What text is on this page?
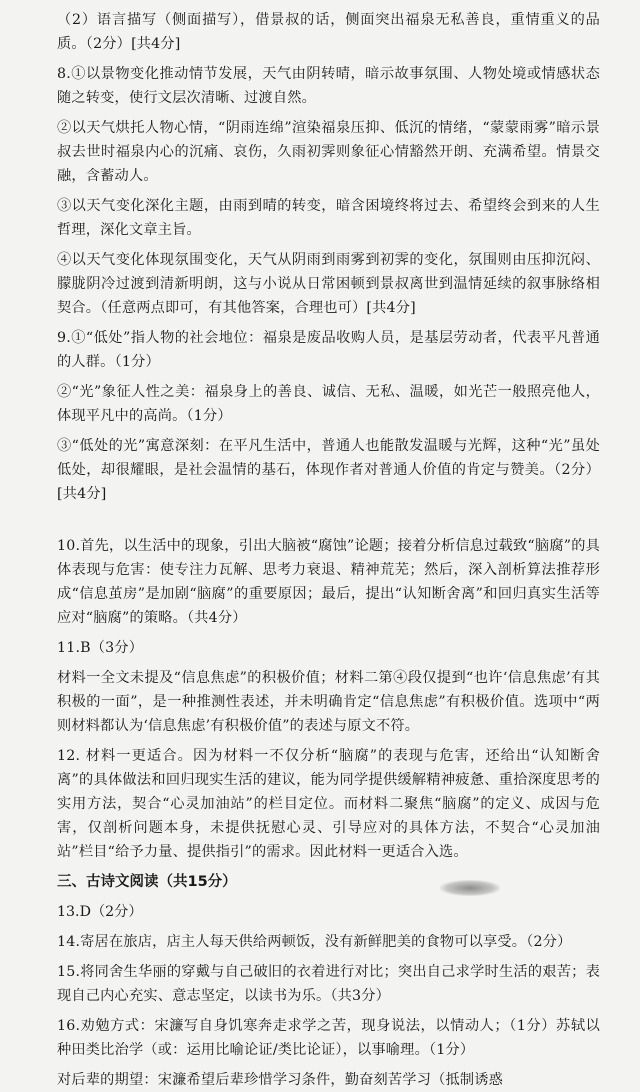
（2）语言描写（侧面描写），借景叔的话，侧面突出福泉无私善良，重情重义的品质。（2分）[共4分]

8.①以景物变化推动情节发展，天气由阴转晴，暗示故事氛围、人物处境或情感状态随之转变，使行文层次清晰、过渡自然。

②以天气烘托人物心情，“阴雨连绵”渲染福泉压抑、低沉的情绪，“蒙蒙雨雾”暗示景叔去世时福泉内心的沉痛、哀伤，久雨初霁则象征心情豁然开朗、充满希望。情景交融，含蓄动人。

③以天气变化深化主题，由雨到晴的转变，暗含困境终将过去、希望终会到来的人生哲理，深化文章主旨。

④以天气变化体现氛围变化，天气从阴雨到雨雾到初霁的变化，氛围则由压抑沉闷、朦胧阴冷过渡到清新明朗，这与小说从日常困顿到景叔离世到温情延续的叙事脉络相契合。（任意两点即可，有其他答案，合理也可）[共4分]

9.①“低处”指人物的社会地位：福泉是废品收购人员，是基层劳动者，代表平凡普通的人群。（1分）

②“光”象征人性之美：福泉身上的善良、诚信、无私、温暖，如光芒一般照亮他人，体现平凡中的高尚。（1分）

③“低处的光”寓意深刻：在平凡生活中，普通人也能散发温暖与光辉，这种“光”虽处低处，却很耀眼，是社会温情的基石，体现作者对普通人价值的肯定与赞美。（2分）[共4分]

10.首先，以生活中的现象，引出大脑被“腐蚀”论题；接着分析信息过载致“脑腐”的具体表现与危害：使专注力瓦解、思考力衰退、精神荒芜；然后，深入剖析算法推荐形成“信息茧房”是加剧“脑腐”的重要原因；最后，提出“认知断舍离”和回归真实生活等应对“脑腐”的策略。（共4分）

11.B（3分）

材料一全文未提及“信息焦虑”的积极价值；材料二第④段仅提到“也许‘信息焦虑’有其积极的一面”，是一种推测性表述，并未明确肯定“信息焦虑”有积极价值。选项中“两则材料都认为‘信息焦虑’有积极价值”的表述与原文不符。

12. 材料一更适合。因为材料一不仅分析“脑腐”的表现与危害，还给出“认知断舍离”的具体做法和回归现实生活的建议，能为同学提供缓解精神疲惫、重拾深度思考的实用方法，契合“心灵加油站”的栏目定位。而材料二聚焦“脑腐”的定义、成因与危害，仅剖析问题本身，未提供抚慰心灵、引导应对的具体方法，不契合“心灵加油站”栏目“给予力量、提供指引”的需求。因此材料一更适合入选。

三、古诗文阅读（共15分）

13.D（2分）

14.寄居在旅店，店主人每天供给两顿饭，没有新鲜肥美的食物可以享受。（2分）

15.将同舍生华丽的穿戴与自己破旧的衣着进行对比；突出自己求学时生活的艰苦；表现自己内心充实、意志坚定，以读书为乐。（共3分）

16.劝勉方式：宋濂写自身饥寒奔走求学之苦，现身说法，以情动人；（1分）苏轼以种田类比治学（或：运用比喻论证/类比论证），以事喻理。（1分）

对后辈的期望：宋濂希望后辈珍惜学习条件，勤奋刻苦学习（抵制诱惑
